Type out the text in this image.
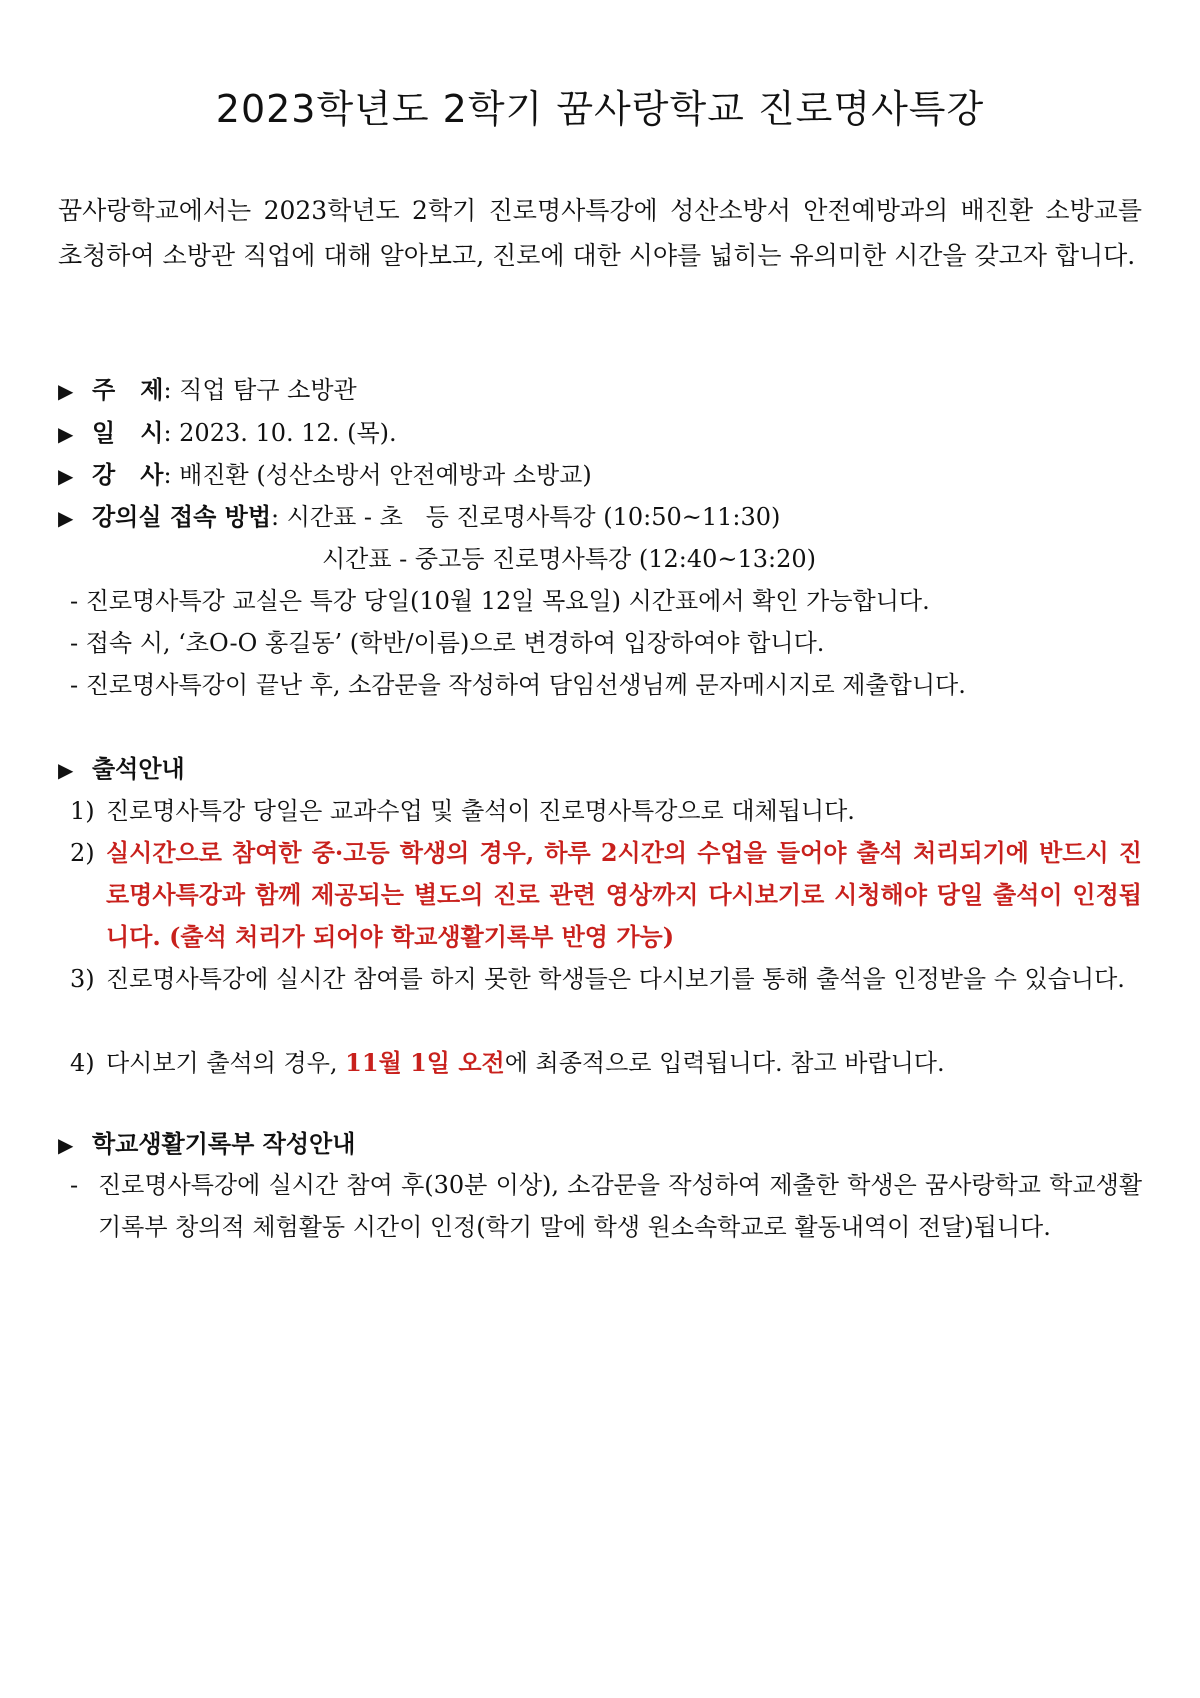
2023학년도 2학기 꿈사랑학교 진로명사특강
꿈사랑학교에서는 2023학년도 2학기 진로명사특강에 성산소방서 안전예방과의 배진환 소방교를 초청하여 소방관 직업에 대해 알아보고, 진로에 대한 시야를 넓히는 유의미한 시간을 갖고자 합니다.
▶ 주   제: 직업 탐구 소방관
▶ 일   시: 2023. 10. 12. (목).
▶ 강   사: 배진환 (성산소방서 안전예방과 소방교)
▶ 강의실 접속 방법: 시간표 - 초   등 진로명사특강 (10:50~11:30)
시간표 - 중고등 진로명사특강 (12:40~13:20)
- 진로명사특강 교실은 특강 당일(10월 12일 목요일) 시간표에서 확인 가능합니다.
- 접속 시, ‘초O-O 홍길동’ (학반/이름)으로 변경하여 입장하여야 합니다.
- 진로명사특강이 끝난 후, 소감문을 작성하여 담임선생님께 문자메시지로 제출합니다.
▶ 출석안내
1) 진로명사특강 당일은 교과수업 및 출석이 진로명사특강으로 대체됩니다.
2) 실시간으로 참여한 중·고등 학생의 경우, 하루 2시간의 수업을 들어야 출석 처리되기에 반드시 진로명사특강과 함께 제공되는 별도의 진로 관련 영상까지 다시보기로 시청해야 당일 출석이 인정됩니다. (출석 처리가 되어야 학교생활기록부 반영 가능)
3) 진로명사특강에 실시간 참여를 하지 못한 학생들은 다시보기를 통해 출석을 인정받을 수 있습니다.
4) 다시보기 출석의 경우, 11월 1일 오전에 최종적으로 입력됩니다. 참고 바랍니다.
▶ 학교생활기록부 작성안내
- 진로명사특강에 실시간 참여 후(30분 이상), 소감문을 작성하여 제출한 학생은 꿈사랑학교 학교생활기록부 창의적 체험활동 시간이 인정(학기 말에 학생 원소속학교로 활동내역이 전달)됩니다.
